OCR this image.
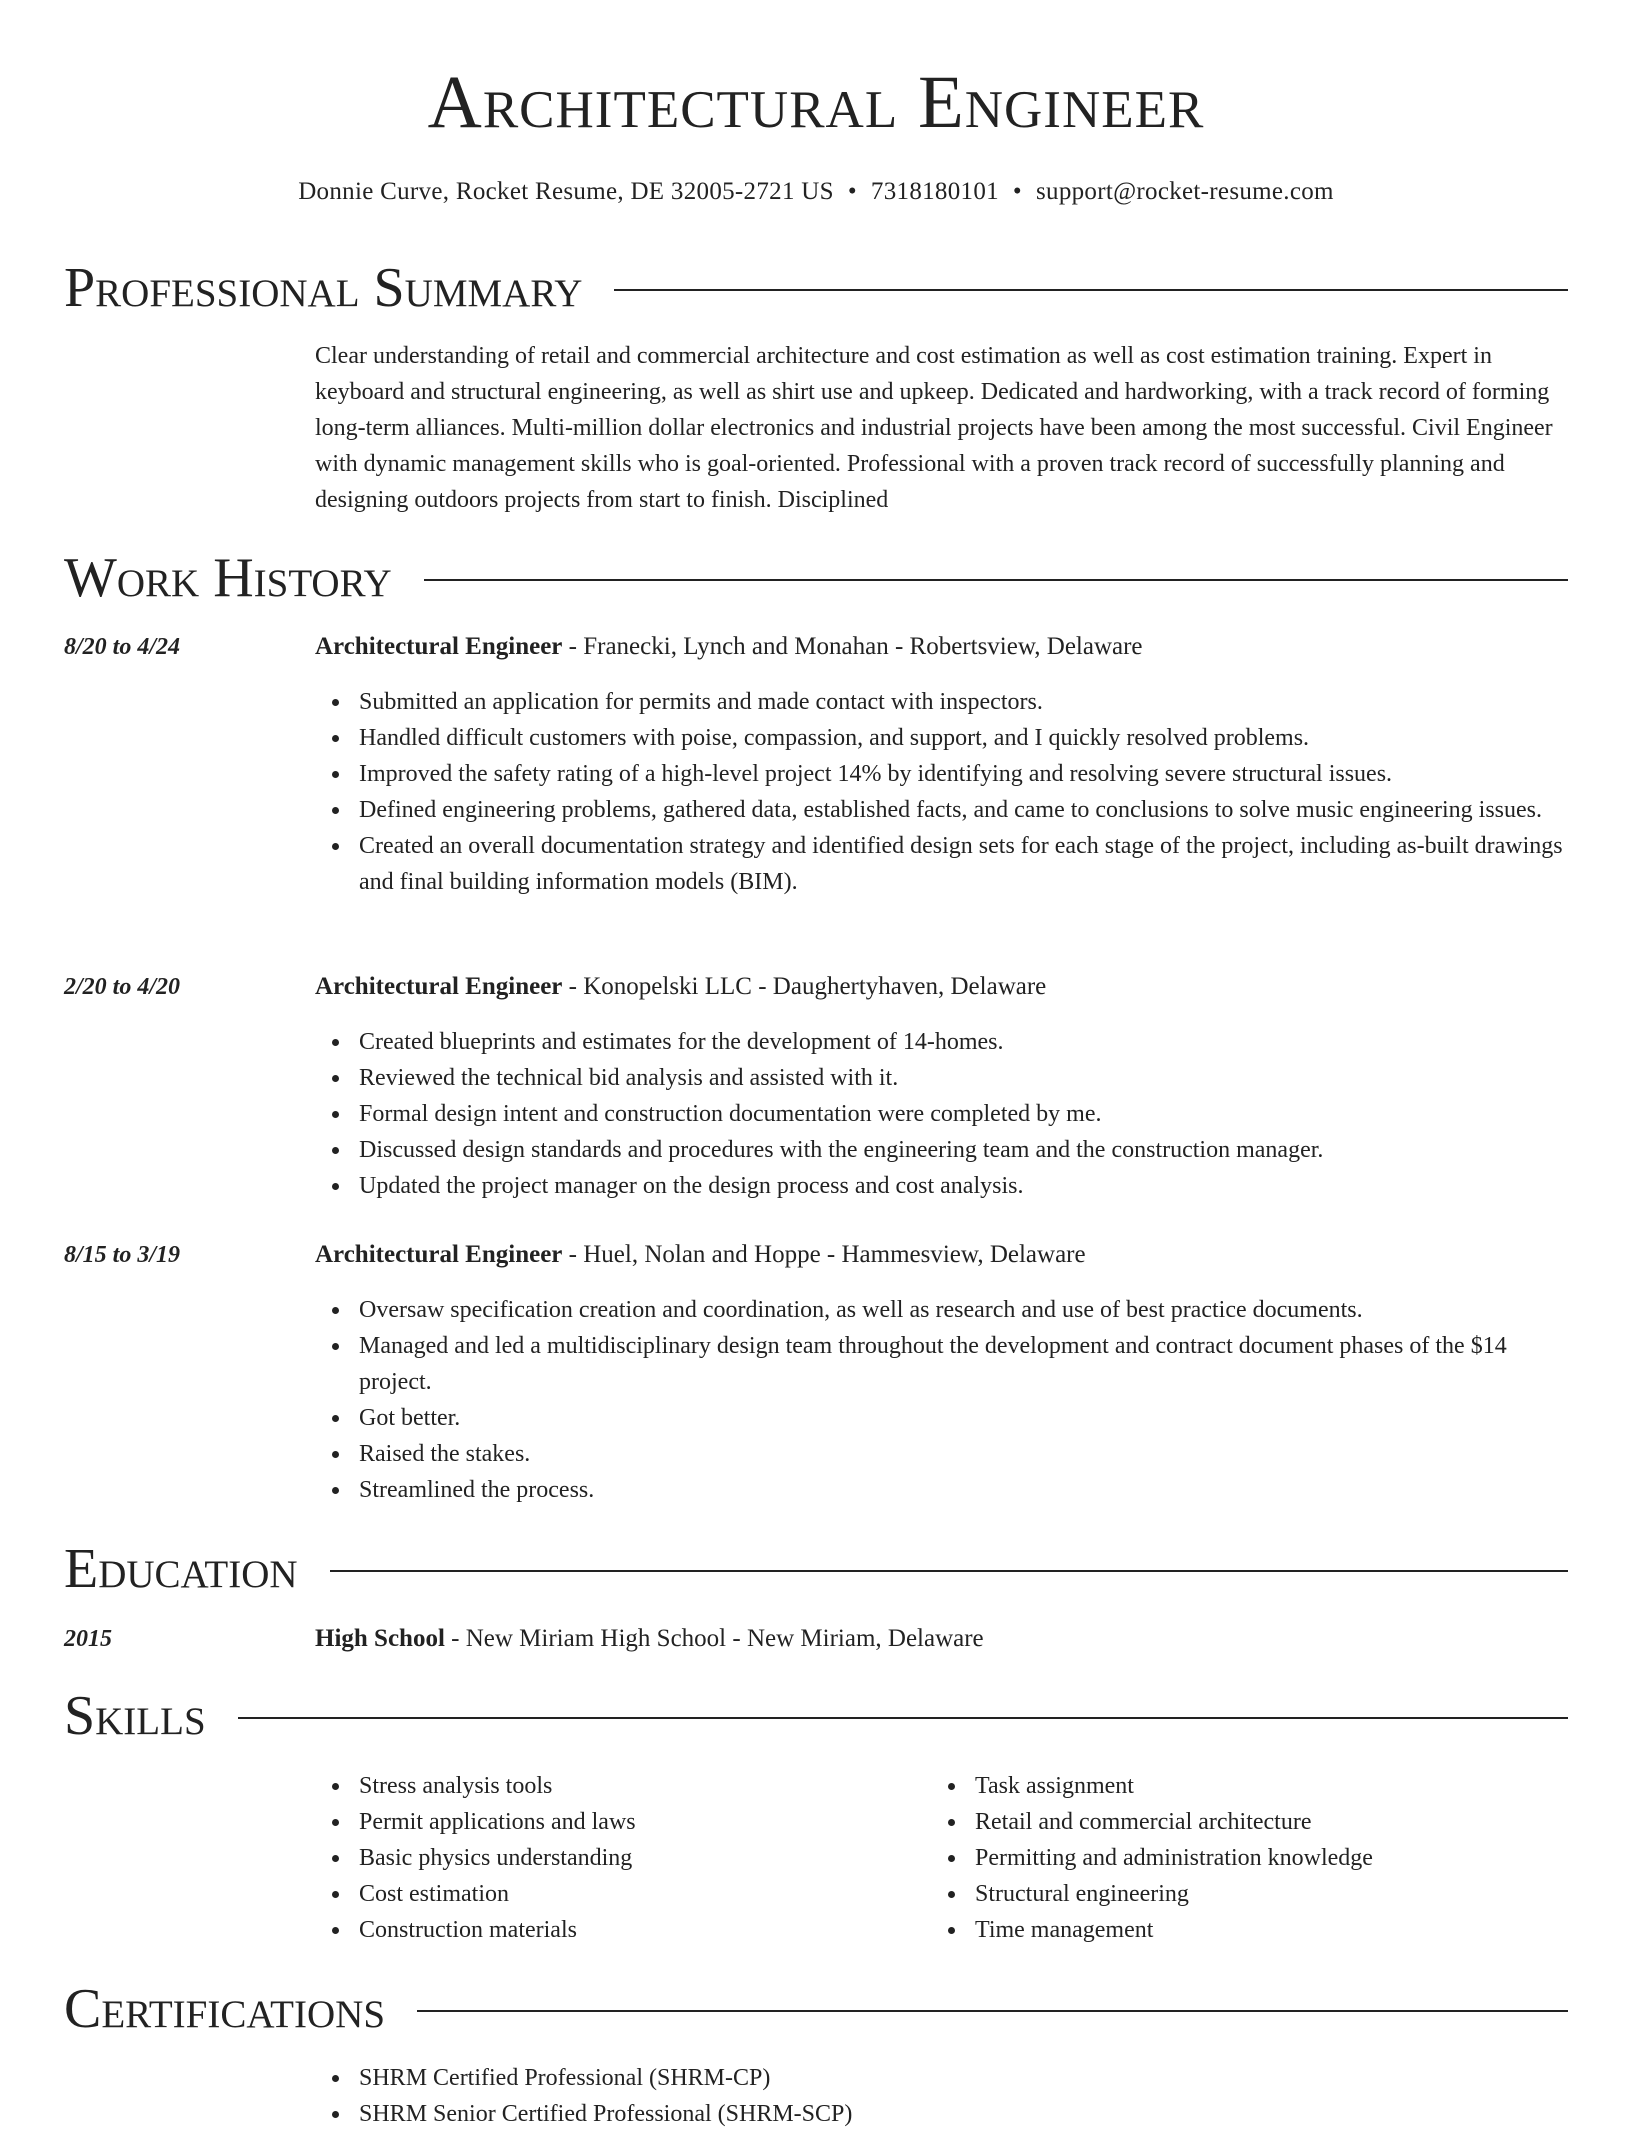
Architectural Engineer
Donnie Curve, Rocket Resume, DE 32005-2721 US • 7318180101 • support@rocket-resume.com
Professional Summary

Clear understanding of retail and commercial architecture and cost estimation as well as cost estimation training. Expert in keyboard and structural engineering, as well as shirt use and upkeep. Dedicated and hardworking, with a track record of forming long-term alliances. Multi-million dollar electronics and industrial projects have been among the most successful. Civil Engineer with dynamic management skills who is goal-oriented. Professional with a proven track record of successfully planning and designing outdoors projects from start to finish. Disciplined

Work History
8/20 to 4/24	Architectural Engineer - Franecki, Lynch and Monahan - Robertsview, Delaware
Submitted an application for permits and made contact with inspectors.
Handled difficult customers with poise, compassion, and support, and I quickly resolved problems.
Improved the safety rating of a high-level project 14% by identifying and resolving severe structural issues.
Defined engineering problems, gathered data, established facts, and came to conclusions to solve music engineering issues.
Created an overall documentation strategy and identified design sets for each stage of the project, including as-built drawings and final building information models (BIM).
2/20 to 4/20	Architectural Engineer - Konopelski LLC - Daughertyhaven, Delaware
Created blueprints and estimates for the development of 14-homes.
Reviewed the technical bid analysis and assisted with it.
Formal design intent and construction documentation were completed by me.
Discussed design standards and procedures with the engineering team and the construction manager.
Updated the project manager on the design process and cost analysis.
8/15 to 3/19	Architectural Engineer - Huel, Nolan and Hoppe - Hammesview, Delaware
Oversaw specification creation and coordination, as well as research and use of best practice documents.
Managed and led a multidisciplinary design team throughout the development and contract document phases of the $14 project.
Got better.
Raised the stakes.
Streamlined the process.
Education
2015	High School - New Miriam High School - New Miriam, Delaware
Skills
Stress analysis tools
Permit applications and laws
Basic physics understanding
Cost estimation
Construction materials
Task assignment
Retail and commercial architecture
Permitting and administration knowledge
Structural engineering
Time management
Certifications
SHRM Certified Professional (SHRM-CP)
SHRM Senior Certified Professional (SHRM-SCP)
